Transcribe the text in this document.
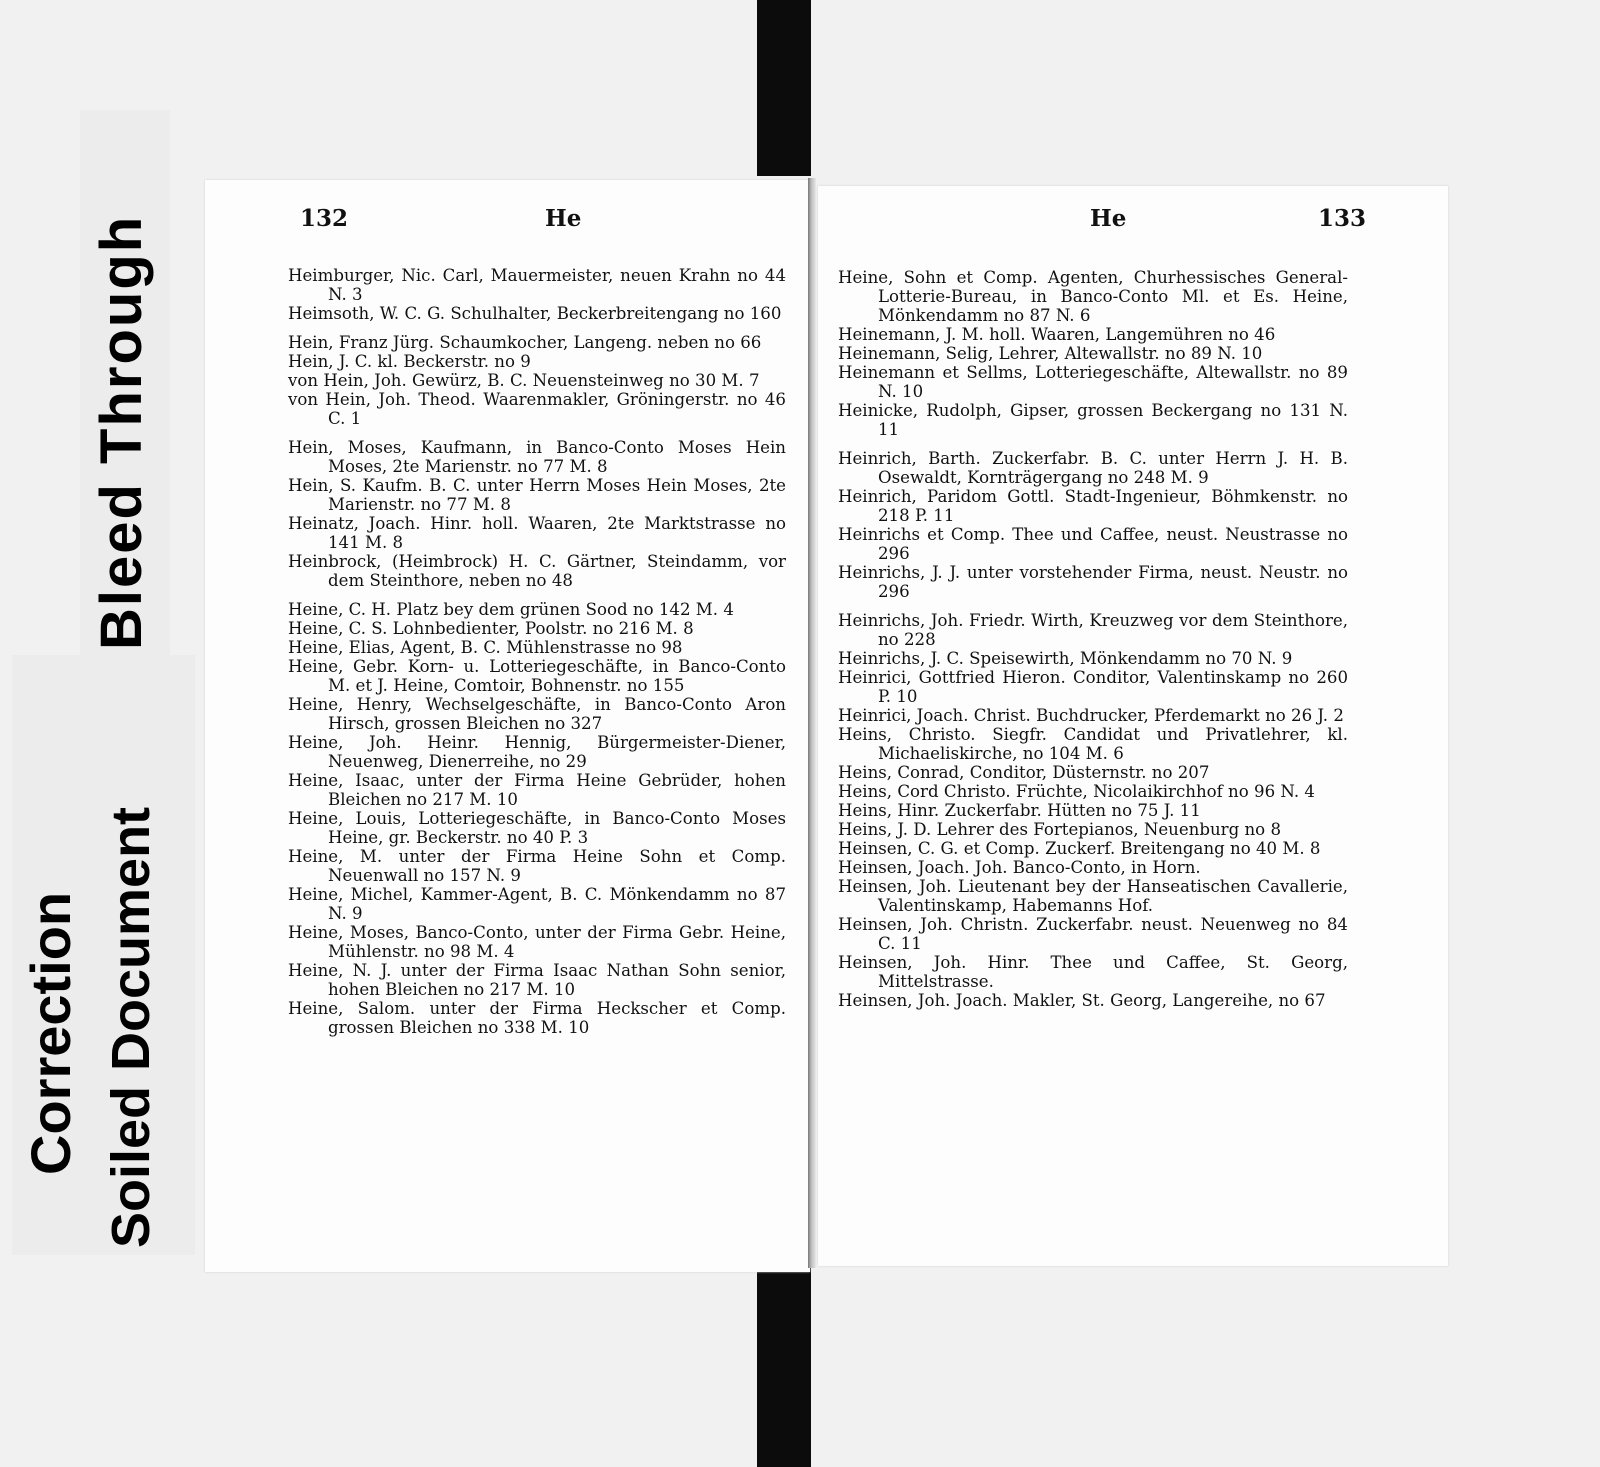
Bleed Through
Correction Soiled Document
132	He	He	133

Heimburger, Nic. Carl, Mauermeister, neuen Krahn no 44 N. 3

Heimsoth, W. C. G. Schulhalter, Beckerbreitengang no 160

Hein, Franz Jürg. Schaumkocher, Langeng. neben no 66

Hein, J. C. kl. Beckerstr. no 9

von Hein, Joh. Gewürz, B. C. Neuensteinweg no 30 M. 7

von Hein, Joh. Theod. Waarenmakler, Gröningerstr. no 46 C. 1

Hein, Moses, Kaufmann, in Banco-Conto Moses Hein Moses, 2te Marienstr. no 77 M. 8

Hein, S. Kaufm. B. C. unter Herrn Moses Hein Moses, 2te Marienstr. no 77 M. 8

Heinatz, Joach. Hinr. holl. Waaren, 2te Marktstrasse no 141 M. 8

Heinbrock, (Heimbrock) H. C. Gärtner, Steindamm, vor dem Steinthore, neben no 48

Heine, C. H. Platz bey dem grünen Sood no 142 M. 4

Heine, C. S. Lohnbedienter, Poolstr. no 216 M. 8

Heine, Elias, Agent, B. C. Mühlenstrasse no 98

Heine, Gebr. Korn- u. Lotteriegeschäfte, in Banco-Conto M. et J. Heine, Comtoir, Bohnenstr. no 155

Heine, Henry, Wechselgeschäfte, in Banco-Conto Aron Hirsch, grossen Bleichen no 327

Heine, Joh. Heinr. Hennig, Bürgermeister-Diener, Neuenweg, Dienerreihe, no 29

Heine, Isaac, unter der Firma Heine Gebrüder, hohen Bleichen no 217 M. 10

Heine, Louis, Lotteriegeschäfte, in Banco-Conto Moses Heine, gr. Beckerstr. no 40 P. 3

Heine, M. unter der Firma Heine Sohn et Comp. Neuenwall no 157 N. 9

Heine, Michel, Kammer-Agent, B. C. Mönkendamm no 87 N. 9

Heine, Moses, Banco-Conto, unter der Firma Gebr. Heine, Mühlenstr. no 98 M. 4

Heine, N. J. unter der Firma Isaac Nathan Sohn senior, hohen Bleichen no 217 M. 10

Heine, Salom. unter der Firma Heckscher et Comp. grossen Bleichen no 338 M. 10

Heine, Sohn et Comp. Agenten, Churhessisches General-Lotterie-Bureau, in Banco-Conto Ml. et Es. Heine, Mönkendamm no 87 N. 6

Heinemann, J. M. holl. Waaren, Langemühren no 46

Heinemann, Selig, Lehrer, Altewallstr. no 89 N. 10

Heinemann et Sellms, Lotteriegeschäfte, Altewallstr. no 89 N. 10

Heinicke, Rudolph, Gipser, grossen Beckergang no 131 N. 11

Heinrich, Barth. Zuckerfabr. B. C. unter Herrn J. H. B. Osewaldt, Kornträgergang no 248 M. 9

Heinrich, Paridom Gottl. Stadt-Ingenieur, Böhmkenstr. no 218 P. 11

Heinrichs et Comp. Thee und Caffee, neust. Neustrasse no 296

Heinrichs, J. J. unter vorstehender Firma, neust. Neustr. no 296

Heinrichs, Joh. Friedr. Wirth, Kreuzweg vor dem Steinthore, no 228

Heinrichs, J. C. Speisewirth, Mönkendamm no 70 N. 9

Heinrici, Gottfried Hieron. Conditor, Valentinskamp no 260 P. 10

Heinrici, Joach. Christ. Buchdrucker, Pferdemarkt no 26 J. 2

Heins, Christo. Siegfr. Candidat und Privatlehrer, kl. Michaeliskirche, no 104 M. 6

Heins, Conrad, Conditor, Düsternstr. no 207

Heins, Cord Christo. Früchte, Nicolaikirchhof no 96 N. 4

Heins, Hinr. Zuckerfabr. Hütten no 75 J. 11

Heins, J. D. Lehrer des Fortepianos, Neuenburg no 8

Heinsen, C. G. et Comp. Zuckerf. Breitengang no 40 M. 8

Heinsen, Joach. Joh. Banco-Conto, in Horn.

Heinsen, Joh. Lieutenant bey der Hanseatischen Cavallerie, Valentinskamp, Habemanns Hof.

Heinsen, Joh. Christn. Zuckerfabr. neust. Neuenweg no 84 C. 11

Heinsen, Joh. Hinr. Thee und Caffee, St. Georg, Mittelstrasse.

Heinsen, Joh. Joach. Makler, St. Georg, Langereihe, no 67
